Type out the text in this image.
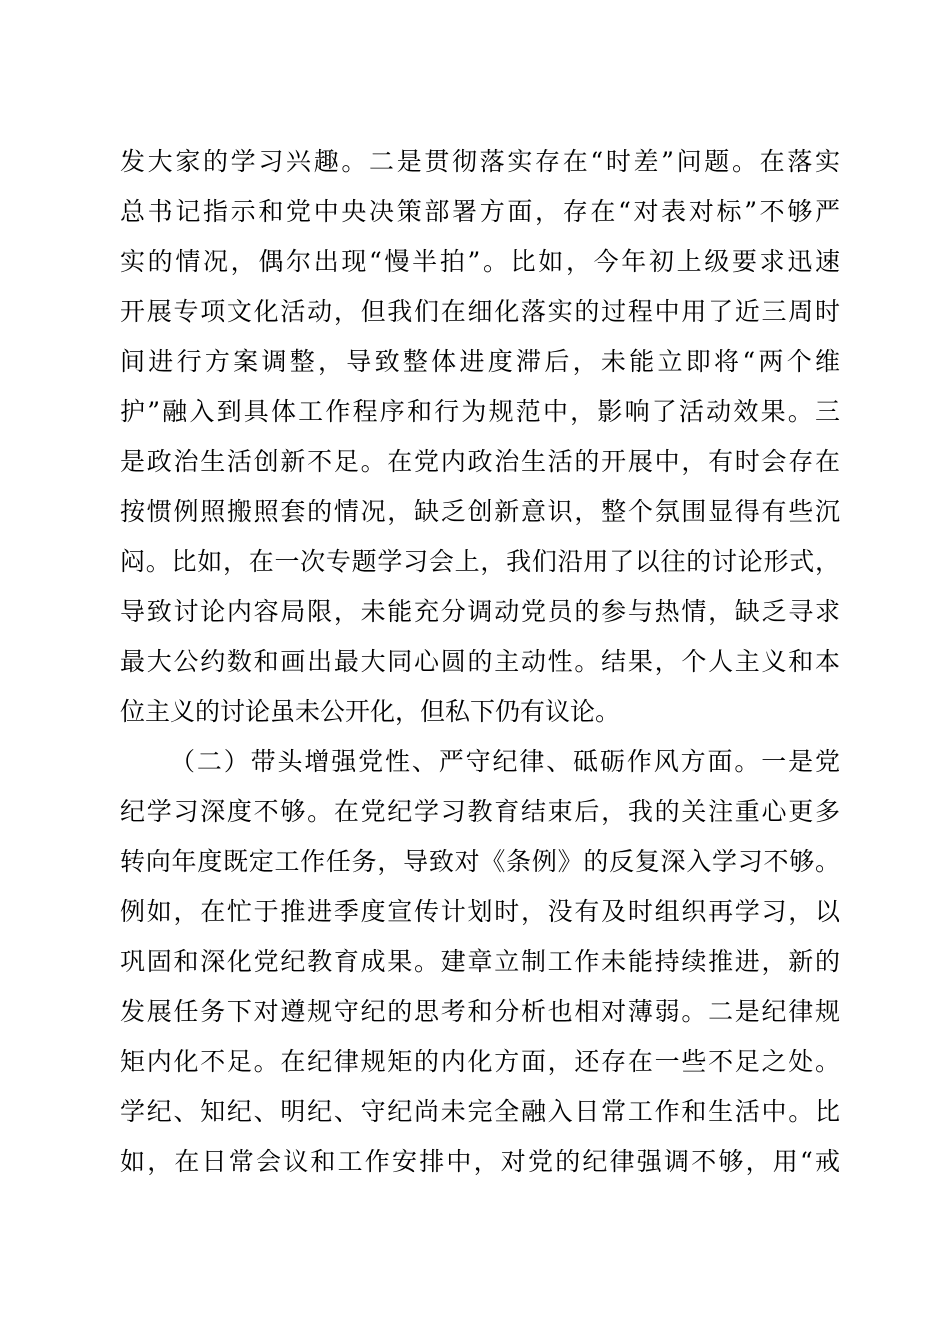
发大家的学习兴趣。二是贯彻落实存在“时差”问题。在落实
总书记指示和党中央决策部署方面，存在“对表对标”不够严
实的情况，偶尔出现“慢半拍”。比如，今年初上级要求迅速
开展专项文化活动，但我们在细化落实的过程中用了近三周时
间进行方案调整，导致整体进度滞后，未能立即将“两个维
护”融入到具体工作程序和行为规范中，影响了活动效果。三
是政治生活创新不足。在党内政治生活的开展中，有时会存在
按惯例照搬照套的情况，缺乏创新意识，整个氛围显得有些沉
闷。比如，在一次专题学习会上，我们沿用了以往的讨论形式，
导致讨论内容局限，未能充分调动党员的参与热情，缺乏寻求
最大公约数和画出最大同心圆的主动性。结果，个人主义和本
位主义的讨论虽未公开化，但私下仍有议论。
（二）带头增强党性、严守纪律、砥砺作风方面。一是党
纪学习深度不够。在党纪学习教育结束后，我的关注重心更多
转向年度既定工作任务，导致对《条例》的反复深入学习不够。
例如，在忙于推进季度宣传计划时，没有及时组织再学习，以
巩固和深化党纪教育成果。建章立制工作未能持续推进，新的
发展任务下对遵规守纪的思考和分析也相对薄弱。二是纪律规
矩内化不足。在纪律规矩的内化方面，还存在一些不足之处。
学纪、知纪、明纪、守纪尚未完全融入日常工作和生活中。比
如，在日常会议和工作安排中，对党的纪律强调不够，用“戒
